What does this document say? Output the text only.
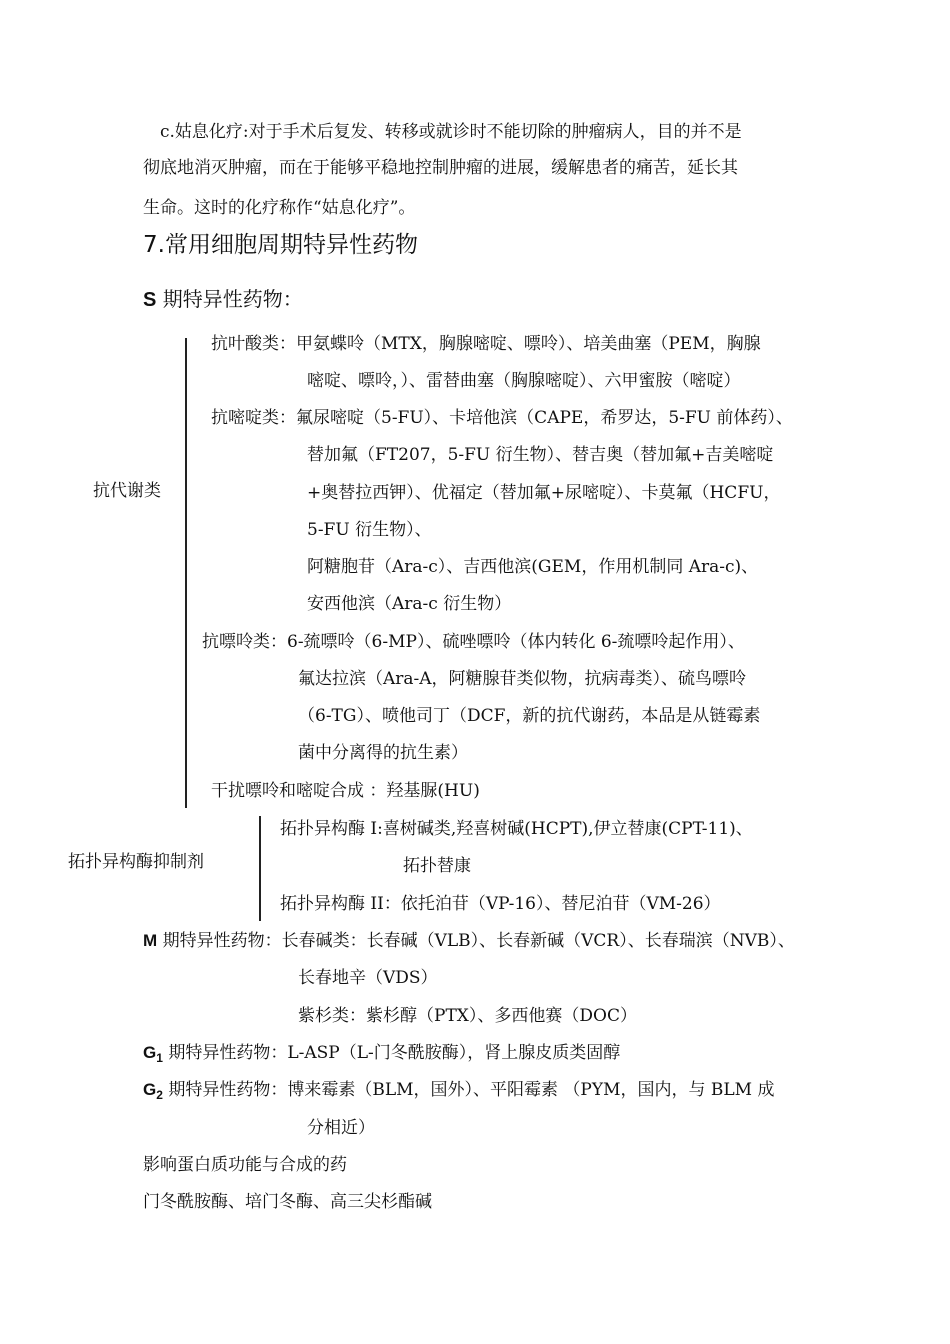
c.姑息化疗:对于手术后复发、转移或就诊时不能切除的肿瘤病人，目的并不是
彻底地消灭肿瘤，而在于能够平稳地控制肿瘤的进展，缓解患者的痛苦，延长其
生命。这时的化疗称作“姑息化疗”。
7.常用细胞周期特异性药物
S 期特异性药物：
抗代谢类
抗叶酸类：甲氨蝶呤（MTX，胸腺嘧啶、嘌呤）、培美曲塞（PEM，胸腺
嘧啶、嘌呤，）、雷替曲塞（胸腺嘧啶）、六甲蜜胺（嘧啶）
抗嘧啶类：氟尿嘧啶（5-FU）、卡培他滨（CAPE，希罗达，5-FU 前体药）、
替加氟（FT207，5-FU 衍生物）、替吉奥（替加氟+吉美嘧啶
+奥替拉西钾）、优福定（替加氟+尿嘧啶）、卡莫氟（HCFU，
5-FU 衍生物）、
阿糖胞苷（Ara-c）、吉西他滨(GEM，作用机制同 Ara-c)、
安西他滨（Ara-c 衍生物）
抗嘌呤类：6-巯嘌呤（6-MP）、硫唑嘌呤（体内转化 6-巯嘌呤起作用）、
氟达拉滨（Ara-A，阿糖腺苷类似物，抗病毒类）、硫鸟嘌呤
（6-TG）、喷他司丁（DCF，新的抗代谢药，本品是从链霉素
菌中分离得的抗生素）
干扰嘌呤和嘧啶合成 ：羟基脲(HU)
拓扑异构酶抑制剂
拓扑异构酶 I:喜树碱类,羟喜树碱(HCPT),伊立替康(CPT-11)、
拓扑替康
拓扑异构酶 II：依托泊苷（VP-16）、替尼泊苷（VM-26）
M 期特异性药物：长春碱类：长春碱（VLB）、长春新碱（VCR）、长春瑞滨（NVB）、
长春地辛（VDS）
紫杉类：紫杉醇（PTX）、多西他赛（DOC）
$G_1$ 期特异性药物：L-ASP（L-门冬酰胺酶），肾上腺皮质类固醇
$G_2$ 期特异性药物：博来霉素（BLM，国外）、平阳霉素 （PYM，国内，与 BLM 成
分相近）
影响蛋白质功能与合成的药
门冬酰胺酶、培门冬酶、高三尖杉酯碱
